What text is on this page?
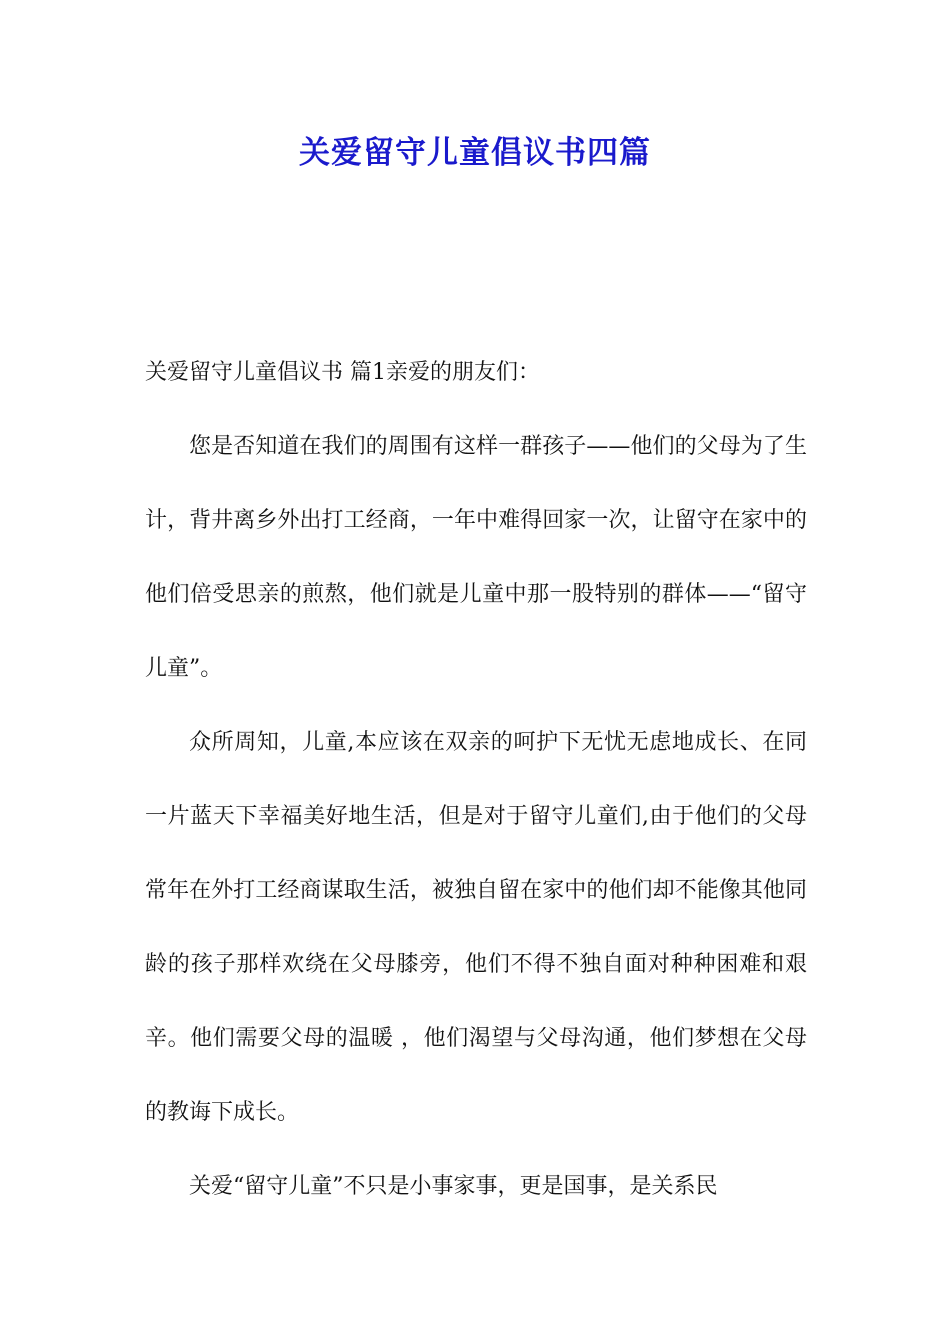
关爱留守儿童倡议书四篇

关爱留守儿童倡议书 篇1亲爱的朋友们：

您是否知道在我们的周围有这样一群孩子——他们的父母为了生计，背井离乡外出打工经商，一年中难得回家一次，让留守在家中的他们倍受思亲的煎熬，他们就是儿童中那一股特别的群体——“留守儿童”。

众所周知，儿童,本应该在双亲的呵护下无忧无虑地成长、在同一片蓝天下幸福美好地生活，但是对于留守儿童们,由于他们的父母常年在外打工经商谋取生活，被独自留在家中的他们却不能像其他同龄的孩子那样欢绕在父母膝旁，他们不得不独自面对种种困难和艰辛。他们需要父母的温暖 ，他们渴望与父母沟通，他们梦想在父母的教诲下成长。

关爱“留守儿童”不只是小事家事，更是国事，是关系民
